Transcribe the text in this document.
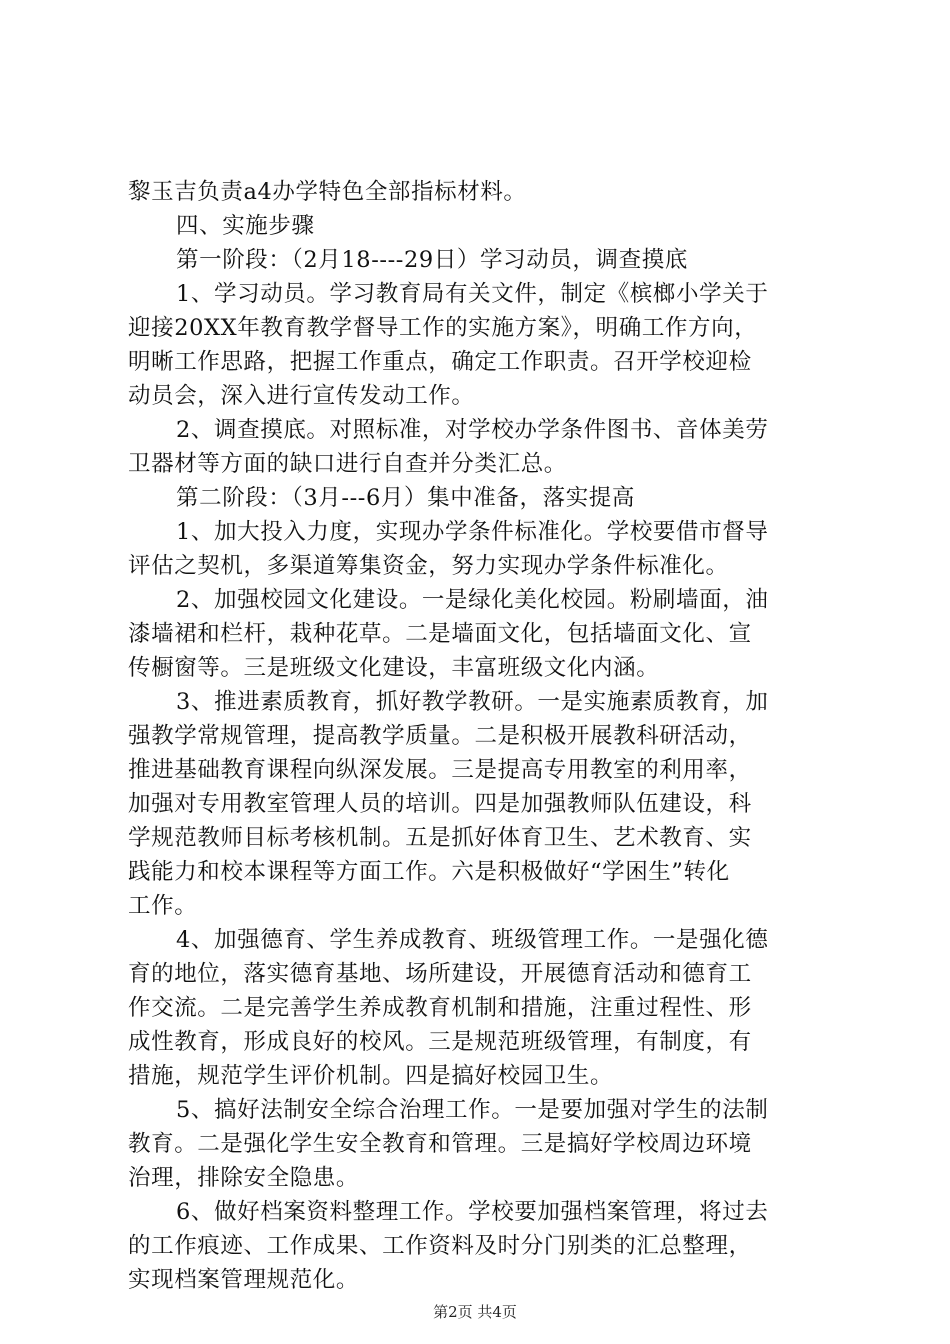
黎玉吉负责a4办学特色全部指标材料。
四、实施步骤
第一阶段：（2月18----29日）学习动员，调查摸底
1、学习动员。学习教育局有关文件，制定《槟榔小学关于
迎接20XX年教育教学督导工作的实施方案》，明确工作方向，
明晰工作思路，把握工作重点，确定工作职责。召开学校迎检
动员会，深入进行宣传发动工作。
2、调查摸底。对照标准，对学校办学条件图书、音体美劳
卫器材等方面的缺口进行自查并分类汇总。
第二阶段：（3月---6月）集中准备，落实提高
1、加大投入力度，实现办学条件标准化。学校要借市督导
评估之契机，多渠道筹集资金，努力实现办学条件标准化。
2、加强校园文化建设。一是绿化美化校园。粉刷墙面，油
漆墙裙和栏杆，栽种花草。二是墙面文化，包括墙面文化、宣
传橱窗等。三是班级文化建设，丰富班级文化内涵。
3、推进素质教育，抓好教学教研。一是实施素质教育，加
强教学常规管理，提高教学质量。二是积极开展教科研活动，
推进基础教育课程向纵深发展。三是提高专用教室的利用率，
加强对专用教室管理人员的培训。四是加强教师队伍建设，科
学规范教师目标考核机制。五是抓好体育卫生、艺术教育、实
践能力和校本课程等方面工作。六是积极做好“学困生”转化
工作。
4、加强德育、学生养成教育、班级管理工作。一是强化德
育的地位，落实德育基地、场所建设，开展德育活动和德育工
作交流。二是完善学生养成教育机制和措施，注重过程性、形
成性教育，形成良好的校风。三是规范班级管理，有制度，有
措施，规范学生评价机制。四是搞好校园卫生。
5、搞好法制安全综合治理工作。一是要加强对学生的法制
教育。二是强化学生安全教育和管理。三是搞好学校周边环境
治理，排除安全隐患。
6、做好档案资料整理工作。学校要加强档案管理，将过去
的工作痕迹、工作成果、工作资料及时分门别类的汇总整理，
实现档案管理规范化。
第2页 共4页
